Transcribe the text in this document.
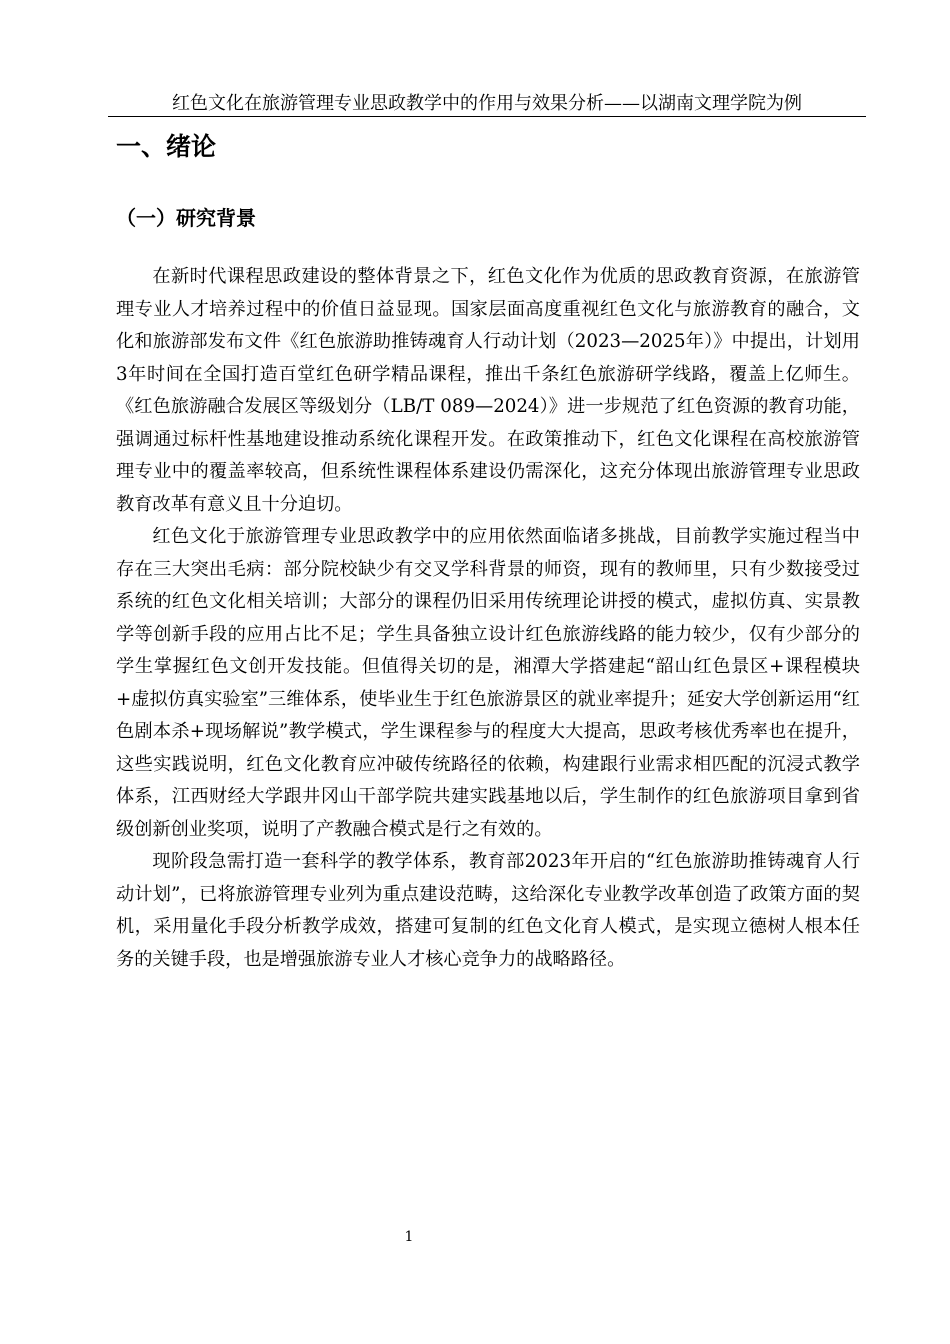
红色文化在旅游管理专业思政教学中的作用与效果分析——以湖南文理学院为例
一、绪论
（一）研究背景

在新时代课程思政建设的整体背景之下，红色文化作为优质的思政教育资源，在旅游管理专业人才培养过程中的价值日益显现。国家层面高度重视红色文化与旅游教育的融合，文化和旅游部发布文件《红色旅游助推铸魂育人行动计划（2023—2025年）》中提出，计划用3年时间在全国打造百堂红色研学精品课程，推出千条红色旅游研学线路，覆盖上亿师生。《红色旅游融合发展区等级划分（LB/T 089—2024）》进一步规范了红色资源的教育功能，强调通过标杆性基地建设推动系统化课程开发。在政策推动下，红色文化课程在高校旅游管理专业中的覆盖率较高，但系统性课程体系建设仍需深化，这充分体现出旅游管理专业思政教育改革有意义且十分迫切。

红色文化于旅游管理专业思政教学中的应用依然面临诸多挑战，目前教学实施过程当中存在三大突出毛病：部分院校缺少有交叉学科背景的师资，现有的教师里，只有少数接受过系统的红色文化相关培训；大部分的课程仍旧采用传统理论讲授的模式，虚拟仿真、实景教学等创新手段的应用占比不足；学生具备独立设计红色旅游线路的能力较少，仅有少部分的学生掌握红色文创开发技能。但值得关切的是，湘潭大学搭建起“韶山红色景区+课程模块+虚拟仿真实验室”三维体系，使毕业生于红色旅游景区的就业率提升；延安大学创新运用“红色剧本杀+现场解说”教学模式，学生课程参与的程度大大提高，思政考核优秀率也在提升，这些实践说明，红色文化教育应冲破传统路径的依赖，构建跟行业需求相匹配的沉浸式教学体系，江西财经大学跟井冈山干部学院共建实践基地以后，学生制作的红色旅游项目拿到省级创新创业奖项，说明了产教融合模式是行之有效的。

现阶段急需打造一套科学的教学体系，教育部2023年开启的“红色旅游助推铸魂育人行动计划”，已将旅游管理专业列为重点建设范畴，这给深化专业教学改革创造了政策方面的契机，采用量化手段分析教学成效，搭建可复制的红色文化育人模式，是实现立德树人根本任务的关键手段，也是增强旅游专业人才核心竞争力的战略路径。

1
